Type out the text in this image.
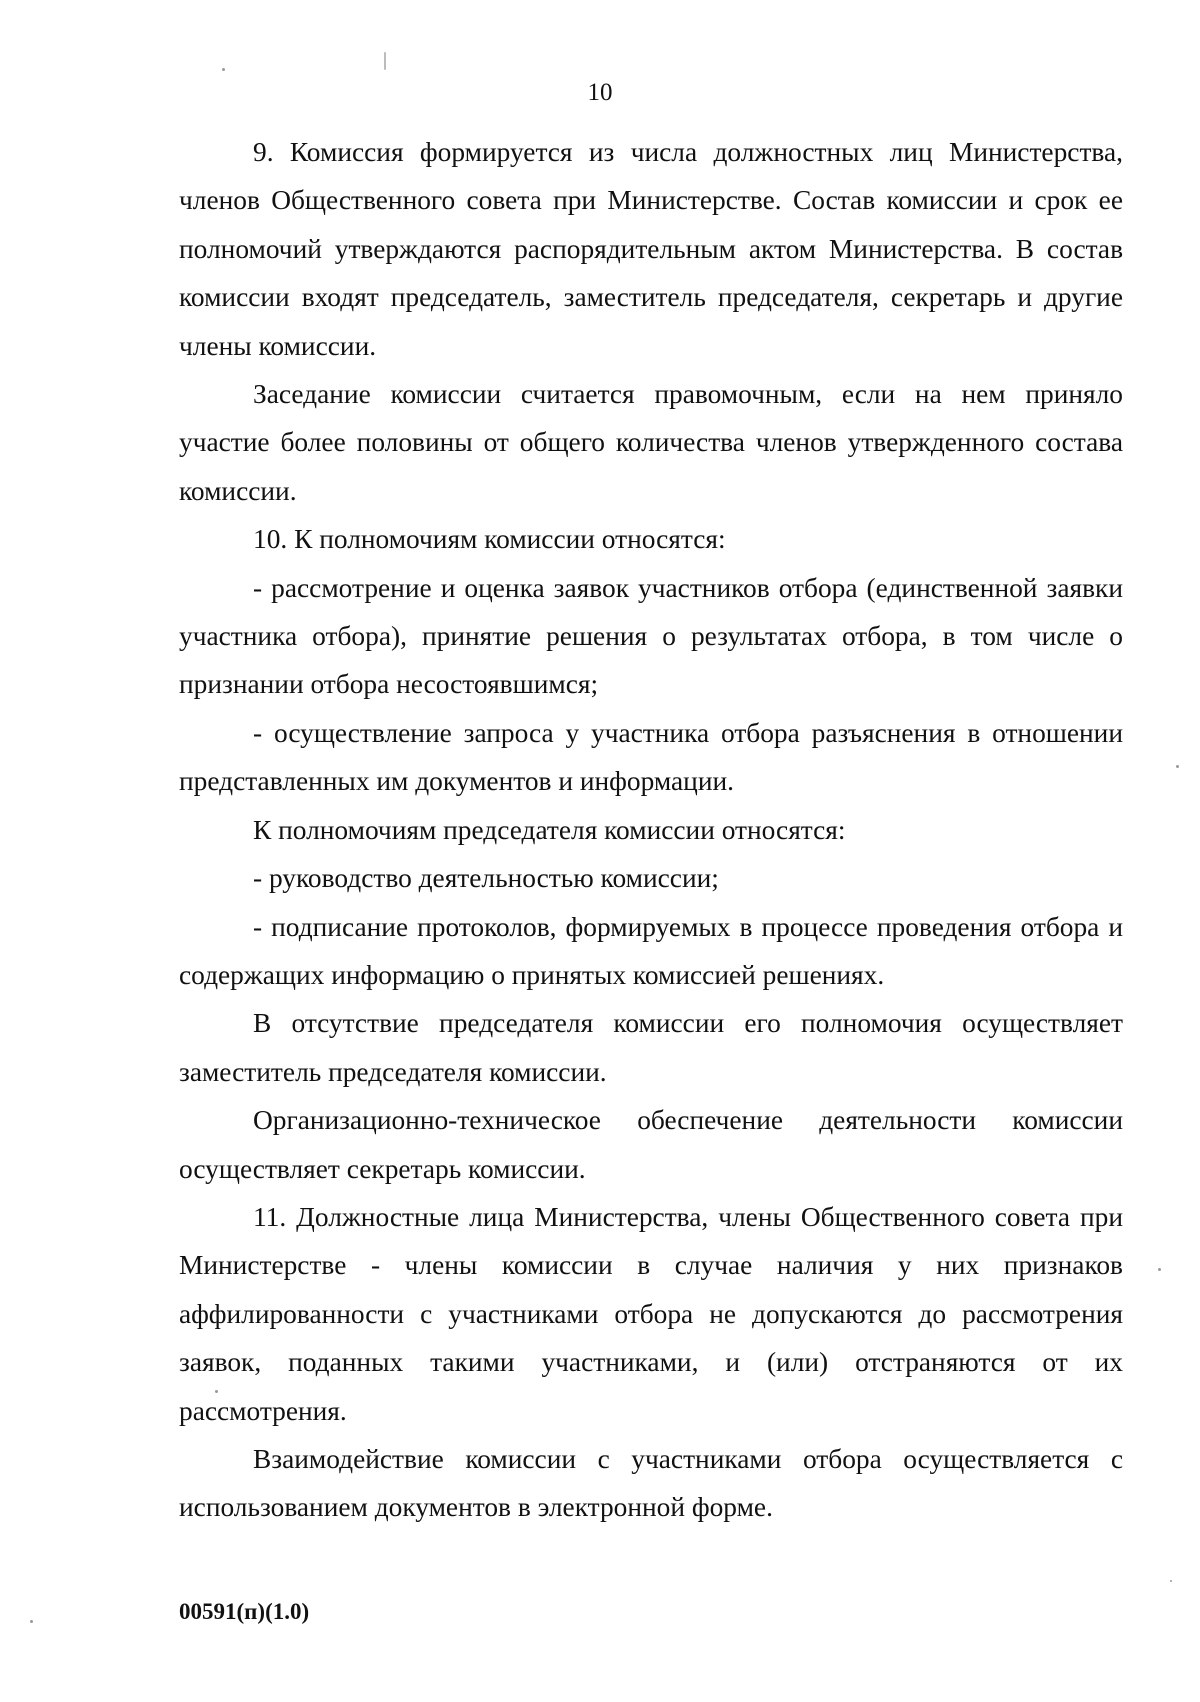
10

9. Комиссия формируется из числа должностных лиц Министерства, членов Общественного совета при Министерстве. Состав комиссии и срок ее полномочий утверждаются распорядительным актом Министерства. В состав комиссии входят председатель, заместитель председателя, секретарь и другие члены комиссии.

Заседание комиссии считается правомочным, если на нем приняло участие более половины от общего количества членов утвержденного состава комиссии.

10. К полномочиям комиссии относятся:

- рассмотрение и оценка заявок участников отбора (единственной заявки участника отбора), принятие решения о результатах отбора, в том числе о признании отбора несостоявшимся;

- осуществление запроса у участника отбора разъяснения в отношении представленных им документов и информации.

К полномочиям председателя комиссии относятся:

- руководство деятельностью комиссии;

- подписание протоколов, формируемых в процессе проведения отбора и содержащих информацию о принятых комиссией решениях.

В отсутствие председателя комиссии его полномочия осуществляет заместитель председателя комиссии.

Организационно-техническое обеспечение деятельности комиссии осуществляет секретарь комиссии.

11. Должностные лица Министерства, члены Общественного совета при Министерстве - члены комиссии в случае наличия у них признаков аффилированности с участниками отбора не допускаются до рассмотрения заявок, поданных такими участниками, и (или) отстраняются от их рассмотрения.

Взаимодействие комиссии с участниками отбора осуществляется с использованием документов в электронной форме.

00591(п)(1.0)
